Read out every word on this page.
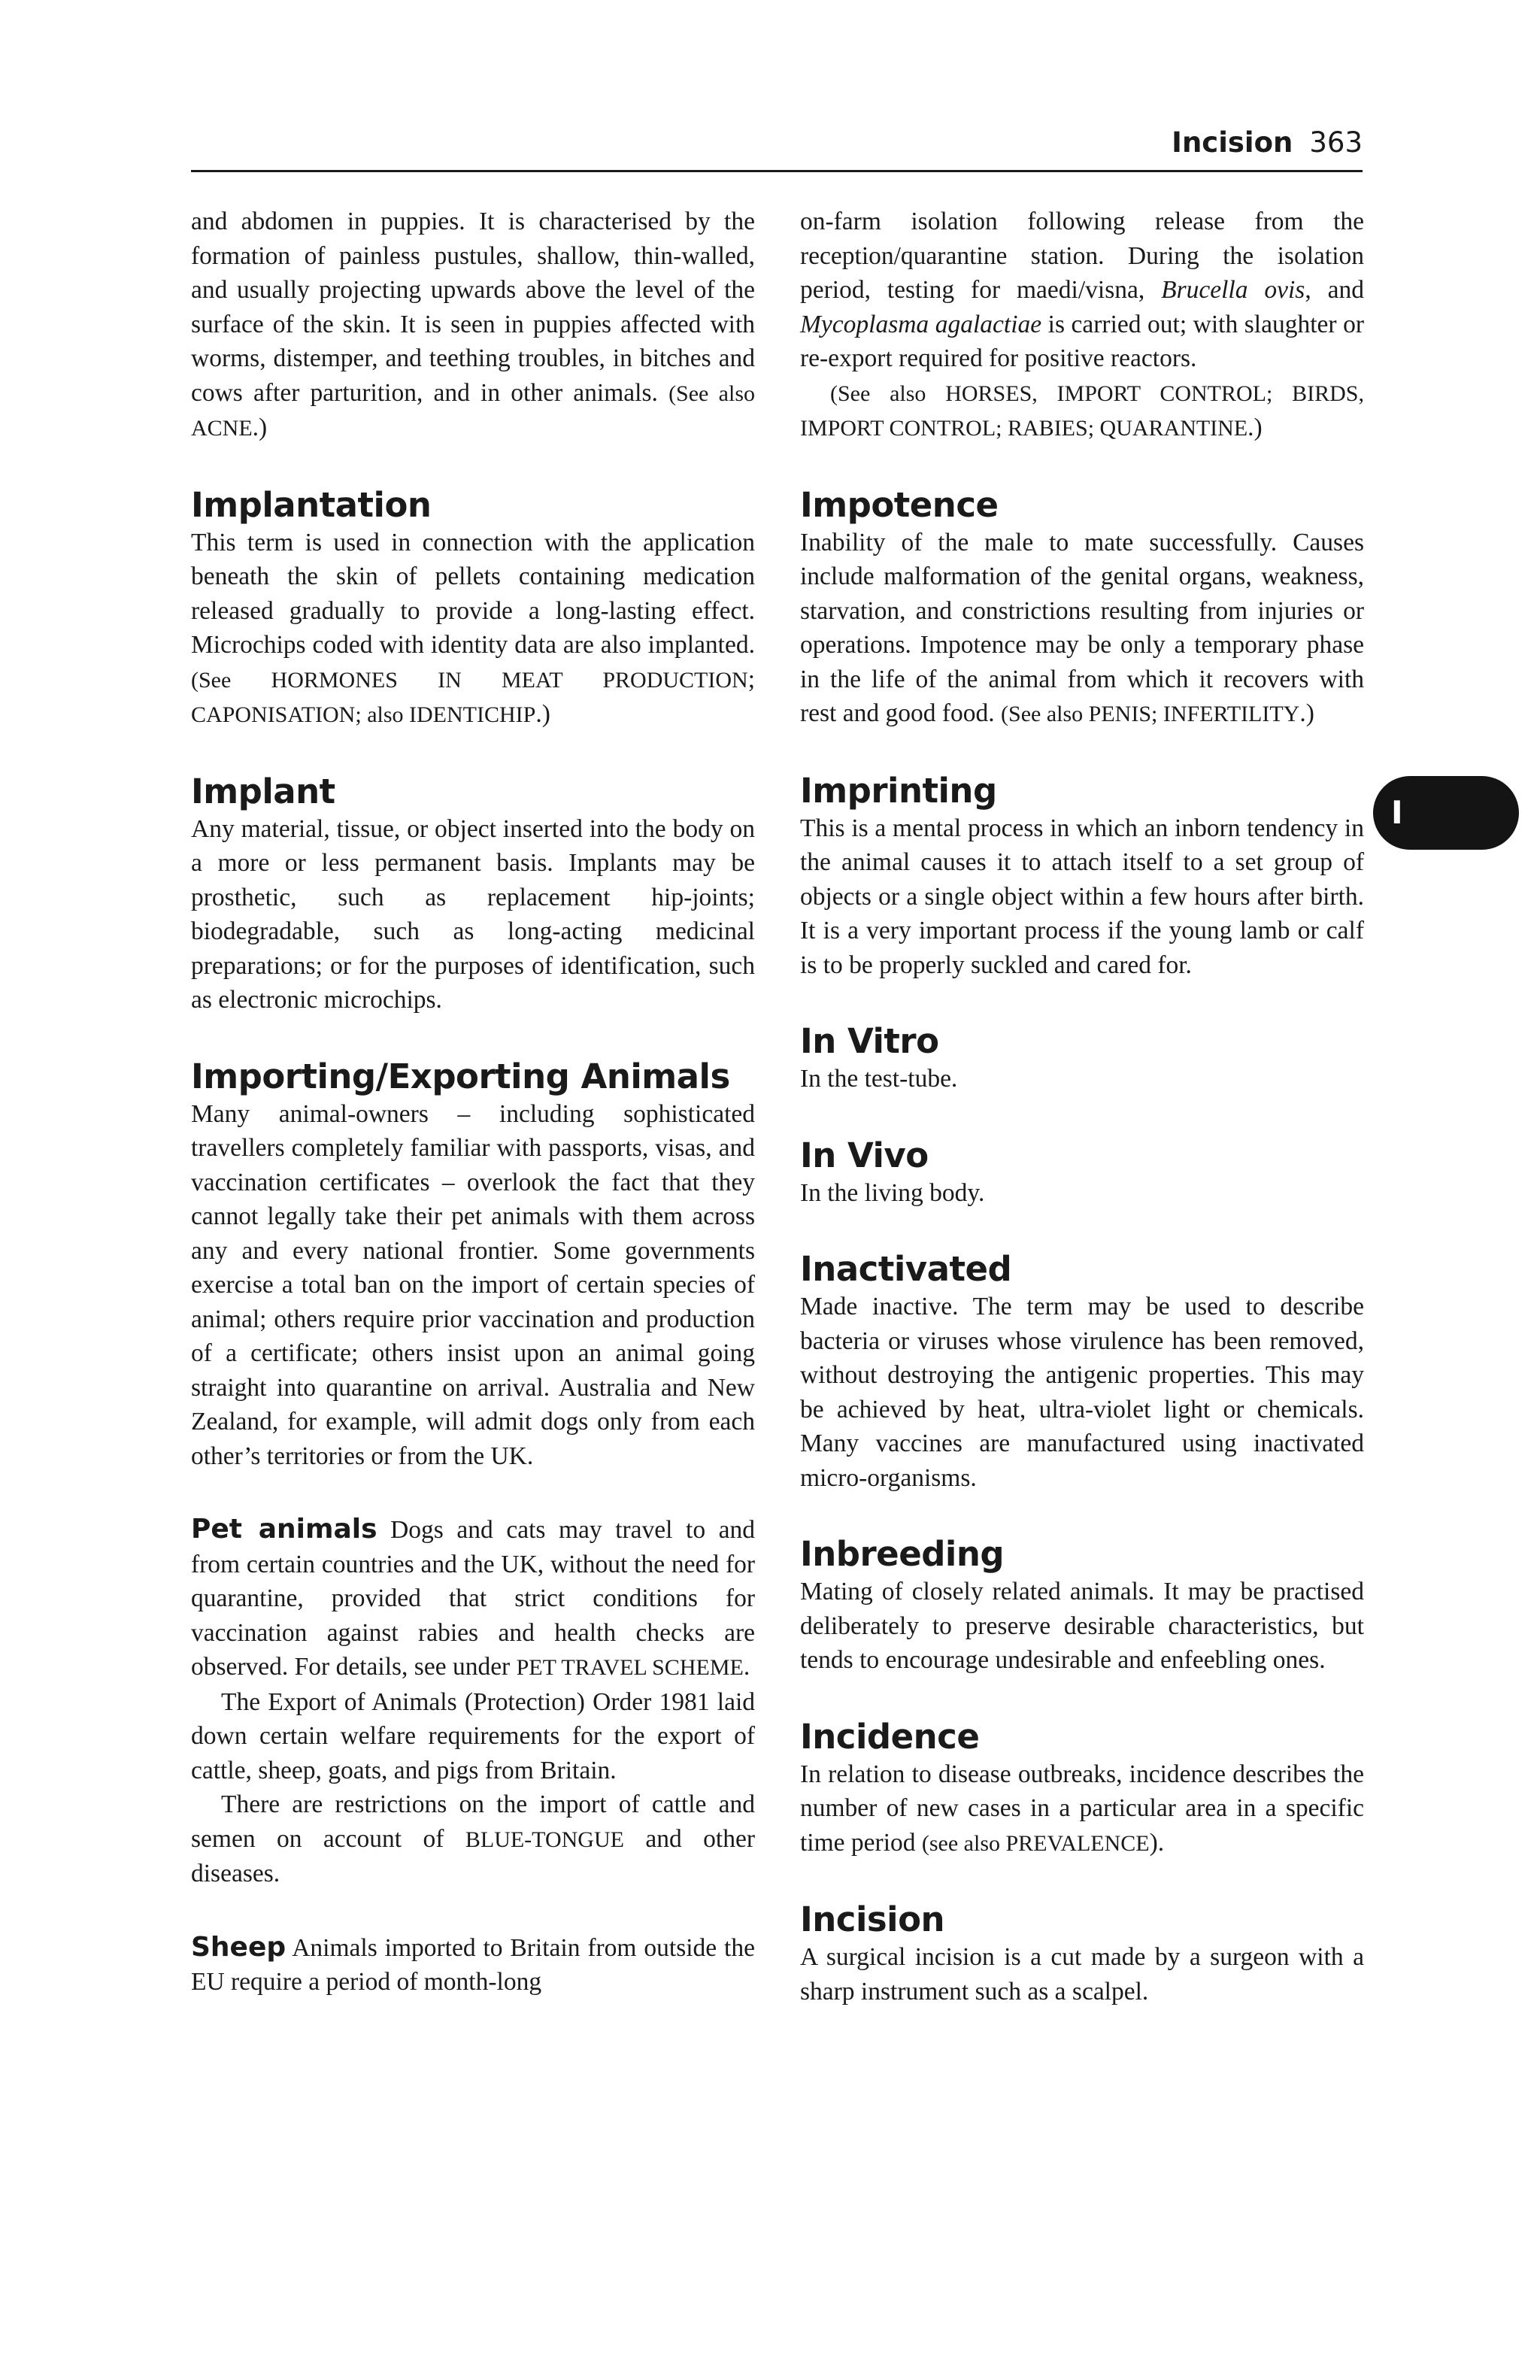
Incision 363
I

and abdomen in puppies. It is characterised by the formation of painless pustules, shallow, thin-walled, and usually projecting upwards above the level of the surface of the skin. It is seen in puppies affected with worms, distemper, and teething troubles, in bitches and cows after parturition, and in other animals. (See also ACNE.)

Implantation

This term is used in connection with the application beneath the skin of pellets containing medication released gradually to provide a long-lasting effect. Microchips coded with identity data are also implanted. (See HORMONES IN MEAT PRODUCTION; CAPONISATION; also IDENTICHIP.)

Implant

Any material, tissue, or object inserted into the body on a more or less permanent basis. Implants may be prosthetic, such as replacement hip-joints; biodegradable, such as long-acting medicinal preparations; or for the purposes of identification, such as electronic microchips.

Importing/Exporting Animals

Many animal-owners – including sophisticated travellers completely familiar with passports, visas, and vaccination certificates – overlook the fact that they cannot legally take their pet animals with them across any and every national frontier. Some governments exercise a total ban on the import of certain species of animal; others require prior vaccination and production of a certificate; others insist upon an animal going straight into quarantine on arrival. Australia and New Zealand, for example, will admit dogs only from each other’s territories or from the UK.

Pet animals Dogs and cats may travel to and from certain countries and the UK, without the need for quarantine, provided that strict conditions for vaccination against rabies and health checks are observed. For details, see under PET TRAVEL SCHEME.

The Export of Animals (Protection) Order 1981 laid down certain welfare requirements for the export of cattle, sheep, goats, and pigs from Britain.

There are restrictions on the import of cattle and semen on account of BLUE-TONGUE and other diseases.

Sheep Animals imported to Britain from outside the EU require a period of month-long

on-farm isolation following release from the reception/quarantine station. During the isolation period, testing for maedi/visna, Brucella ovis, and Mycoplasma agalactiae is carried out; with slaughter or re-export required for positive reactors.

(See also HORSES, IMPORT CONTROL; BIRDS, IMPORT CONTROL; RABIES; QUARANTINE.)

Impotence

Inability of the male to mate successfully. Causes include malformation of the genital organs, weakness, starvation, and constrictions resulting from injuries or operations. Impotence may be only a temporary phase in the life of the animal from which it recovers with rest and good food. (See also PENIS; INFERTILITY.)

Imprinting

This is a mental process in which an inborn tendency in the animal causes it to attach itself to a set group of objects or a single object within a few hours after birth. It is a very important process if the young lamb or calf is to be properly suckled and cared for.

In Vitro

In the test-tube.

In Vivo

In the living body.

Inactivated

Made inactive. The term may be used to describe bacteria or viruses whose virulence has been removed, without destroying the antigenic properties. This may be achieved by heat, ultra-violet light or chemicals. Many vaccines are manufactured using inactivated micro-organisms.

Inbreeding

Mating of closely related animals. It may be practised deliberately to preserve desirable characteristics, but tends to encourage undesirable and enfeebling ones.

Incidence

In relation to disease outbreaks, incidence describes the number of new cases in a particular area in a specific time period (see also PREVALENCE).

Incision

A surgical incision is a cut made by a surgeon with a sharp instrument such as a scalpel.
